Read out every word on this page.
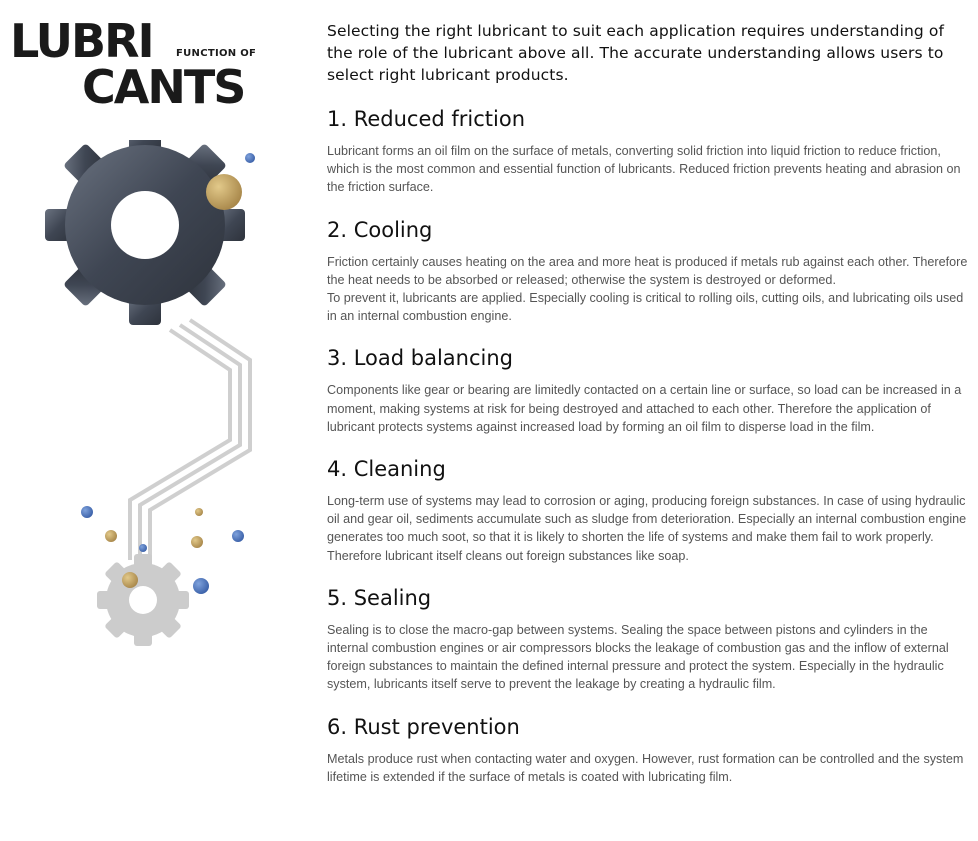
LUBRI FUNCTION OF
CANTS

Selecting the right lubricant to suit each application requires understanding of the role of the lubricant above all. The accurate understanding allows users to select right lubricant products.

1. Reduced friction

Lubricant forms an oil film on the surface of metals, converting solid friction into liquid friction to reduce friction, which is the most common and essential function of lubricants. Reduced friction prevents heating and abrasion on the friction surface.

2. Cooling

Friction certainly causes heating on the area and more heat is produced if metals rub against each other. Therefore the heat needs to be absorbed or released; otherwise the system is destroyed or deformed.
To prevent it, lubricants are applied. Especially cooling is critical to rolling oils, cutting oils, and lubricating oils used in an internal combustion engine.

3. Load balancing

Components like gear or bearing are limitedly contacted on a certain line or surface, so load can be increased in a moment, making systems at risk for being destroyed and attached to each other. Therefore the application of lubricant protects systems against increased load by forming an oil film to disperse load in the film.

4. Cleaning

Long-term use of systems may lead to corrosion or aging, producing foreign substances. In case of using hydraulic oil and gear oil, sediments accumulate such as sludge from deterioration. Especially an internal combustion engine generates too much soot, so that it is likely to shorten the life of systems and make them fail to work properly. Therefore lubricant itself cleans out foreign substances like soap.

5. Sealing

Sealing is to close the macro-gap between systems. Sealing the space between pistons and cylinders in the internal combustion engines or air compressors blocks the leakage of combustion gas and the inflow of external foreign substances to maintain the defined internal pressure and protect the system. Especially in the hydraulic system, lubricants itself serve to prevent the leakage by creating a hydraulic film.

6. Rust prevention

Metals produce rust when contacting water and oxygen. However, rust formation can be controlled and the system lifetime is extended if the surface of metals is coated with lubricating film.
